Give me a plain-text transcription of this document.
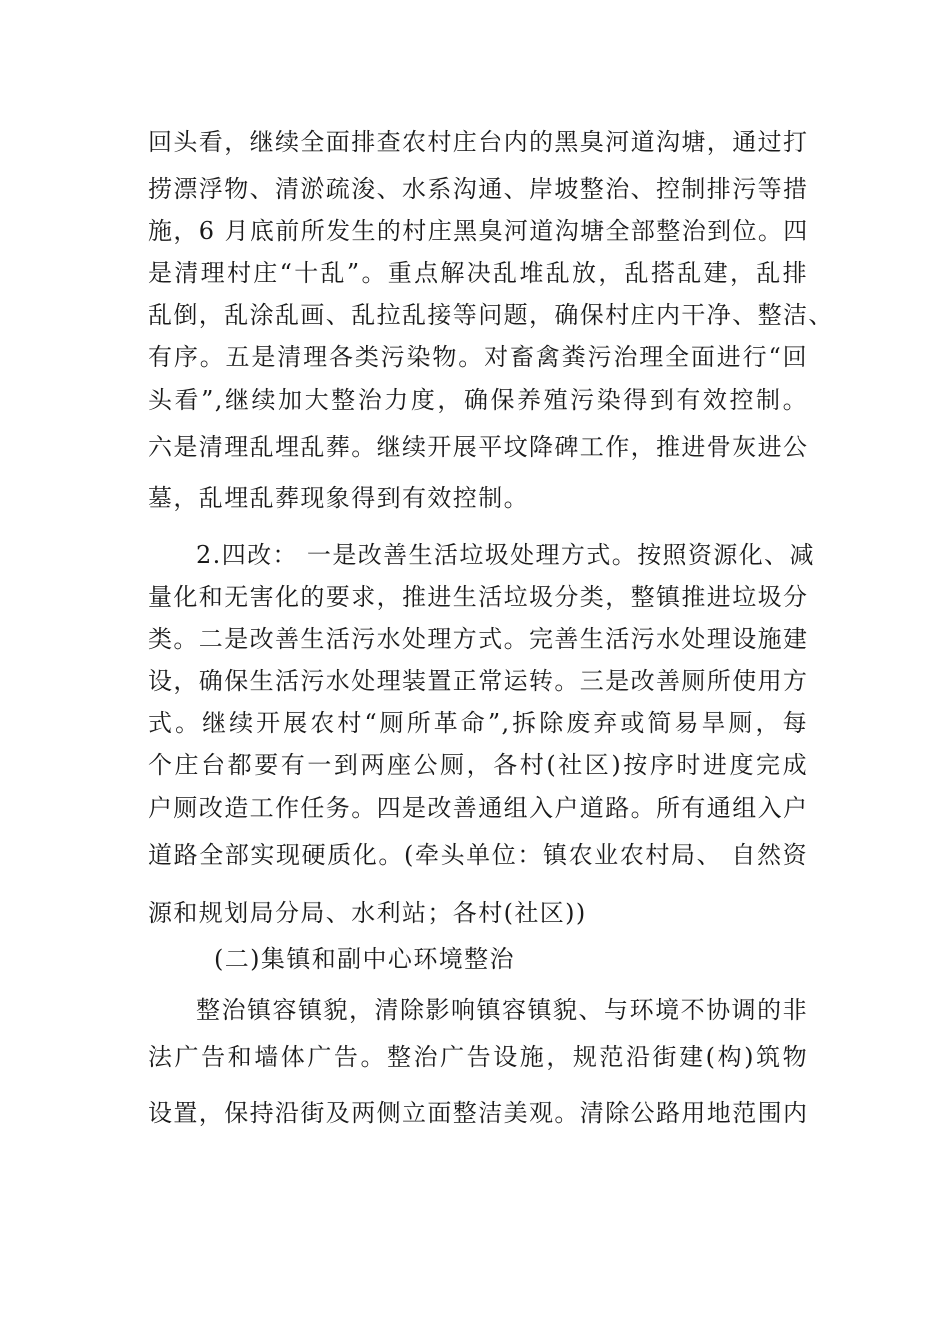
回头看，继续全面排查农村庄台内的黑臭河道沟塘，通过打
捞漂浮物、清淤疏浚、水系沟通、岸坡整治、控制排污等措
施，6 月底前所发生的村庄黑臭河道沟塘全部整治到位。四
是清理村庄“十乱”。重点解决乱堆乱放，乱搭乱建，乱排
乱倒，乱涂乱画、乱拉乱接等问题，确保村庄内干净、整洁、
有序。五是清理各类污染物。对畜禽粪污治理全面进行“回
头看”,继续加大整治力度，确保养殖污染得到有效控制。
六是清理乱埋乱葬。继续开展平坟降碑工作，推进骨灰进公
墓，乱埋乱葬现象得到有效控制。
2.四改： 一是改善生活垃圾处理方式。按照资源化、减
量化和无害化的要求，推进生活垃圾分类，整镇推进垃圾分
类。二是改善生活污水处理方式。完善生活污水处理设施建
设，确保生活污水处理装置正常运转。三是改善厕所使用方
式。继续开展农村“厕所革命”,拆除废弃或简易旱厕，每
个庄台都要有一到两座公厕，各村(社区)按序时进度完成
户厕改造工作任务。四是改善通组入户道路。所有通组入户
道路全部实现硬质化。(牵头单位：镇农业农村局、 自然资
源和规划局分局、水利站；各村(社区))
(二)集镇和副中心环境整治
整治镇容镇貌，清除影响镇容镇貌、与环境不协调的非
法广告和墙体广告。整治广告设施，规范沿街建(构)筑物
设置，保持沿街及两侧立面整洁美观。清除公路用地范围内
